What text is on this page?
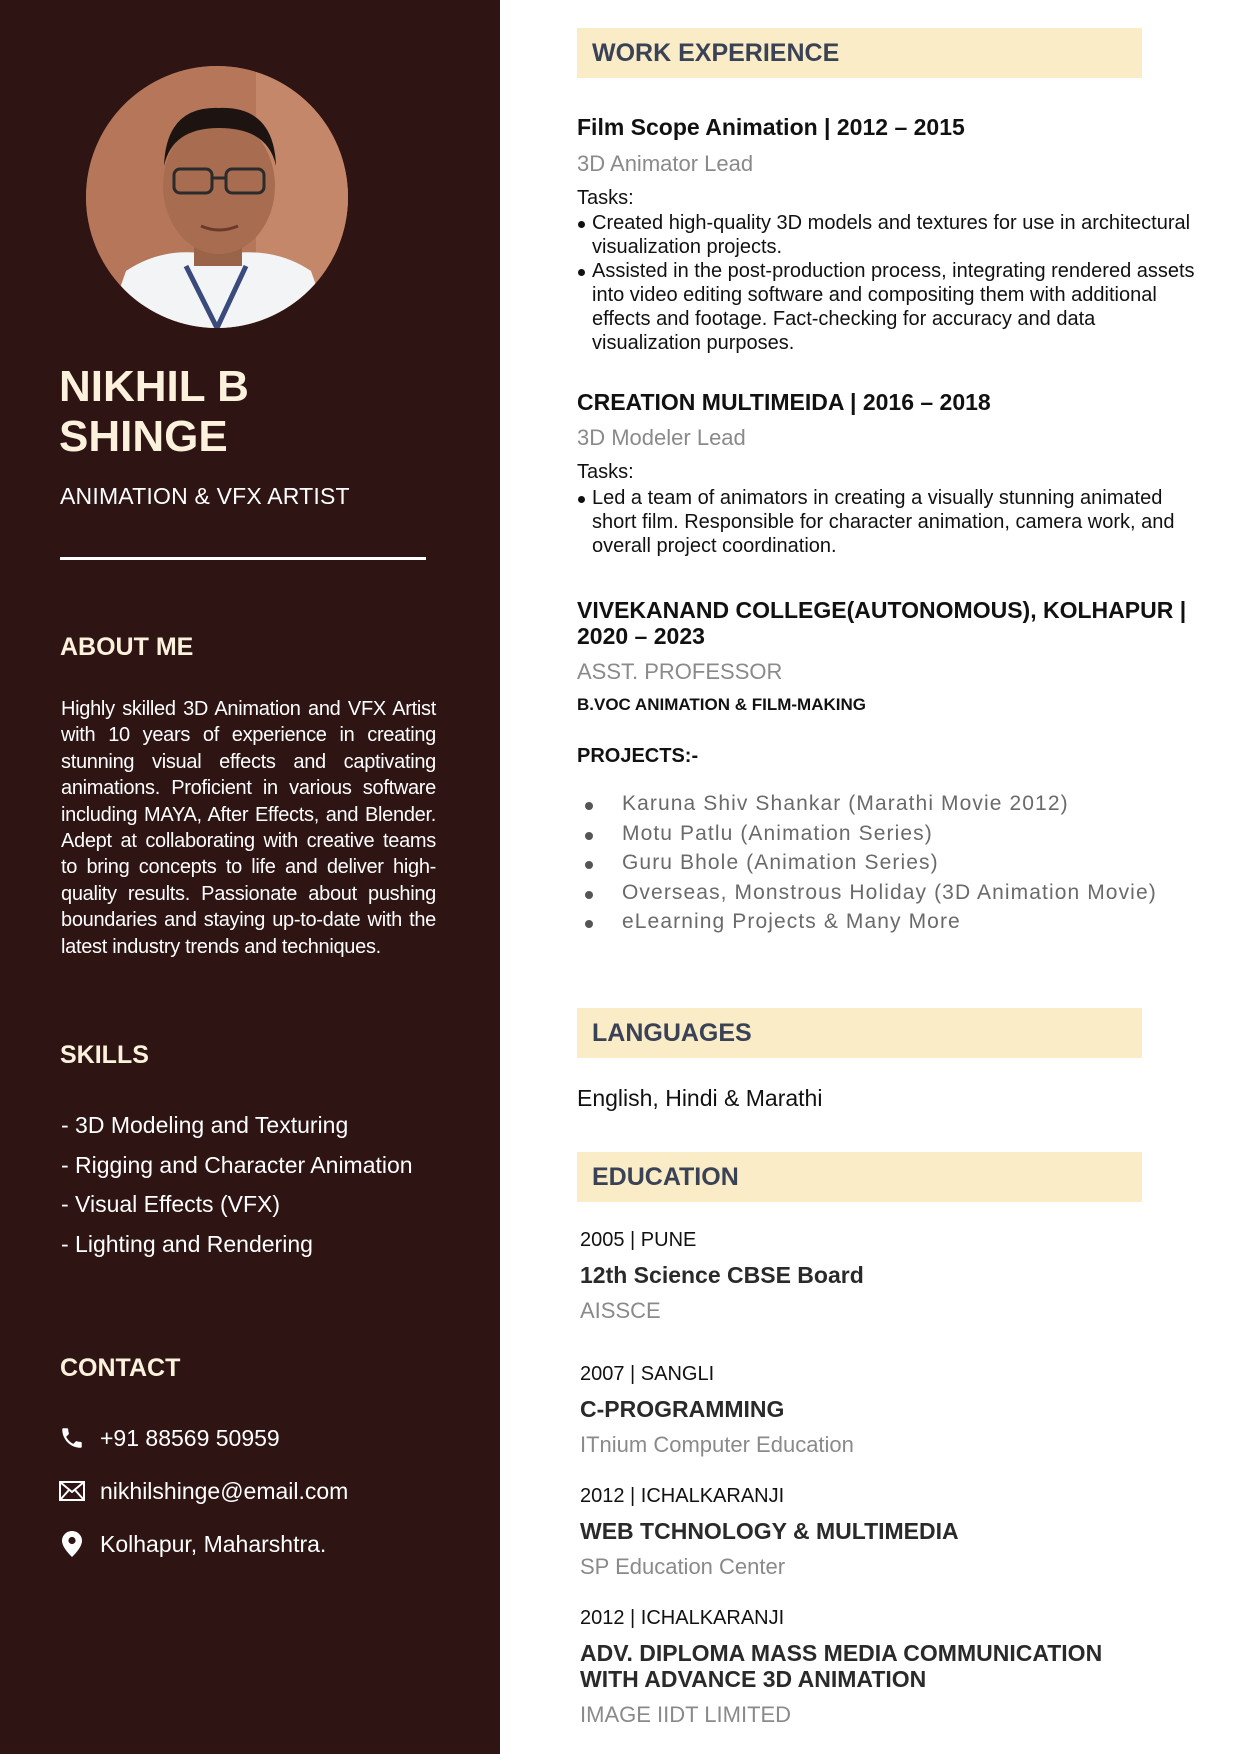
NIKHIL B
SHINGE
ANIMATION & VFX ARTIST
ABOUT ME
Highly skilled 3D Animation and VFX Artist with 10 years of experience in creating stunning visual effects and captivating animations. Proficient in various software including MAYA, After Effects, and Blender. Adept at collaborating with creative teams to bring concepts to life and deliver high-quality results. Passionate about pushing boundaries and staying up-to-date with the latest industry trends and techniques.
SKILLS
- 3D Modeling and Texturing
- Rigging and Character Animation
- Visual Effects (VFX)
- Lighting and Rendering
CONTACT
+91 88569 50959
nikhilshinge@email.com
Kolhapur, Maharshtra.
WORK EXPERIENCE
Film Scope Animation | 2012 – 2015
3D Animator Lead
Tasks:
Created high-quality 3D models and textures for use in architectural visualization projects.
Assisted in the post-production process, integrating rendered assets into video editing software and compositing them with additional effects and footage. Fact-checking for accuracy and data visualization purposes.
CREATION MULTIMEIDA | 2016 – 2018
3D Modeler Lead
Tasks:
Led a team of animators in creating a visually stunning animated short film. Responsible for character animation, camera work, and overall project coordination.
VIVEKANAND COLLEGE(AUTONOMOUS), KOLHAPUR |
2020 – 2023
ASST. PROFESSOR
B.VOC ANIMATION & FILM-MAKING
PROJECTS:-
Karuna Shiv Shankar (Marathi Movie 2012)
Motu Patlu (Animation Series)
Guru Bhole (Animation Series)
Overseas, Monstrous Holiday (3D Animation Movie)
eLearning Projects & Many More
LANGUAGES
English, Hindi & Marathi
EDUCATION
2005 | PUNE
12th Science CBSE Board
AISSCE
2007 | SANGLI
C-PROGRAMMING
ITnium Computer Education
2012 | ICHALKARANJI
WEB TCHNOLOGY & MULTIMEDIA
SP Education Center
2012 | ICHALKARANJI
ADV. DIPLOMA MASS MEDIA COMMUNICATION
WITH ADVANCE 3D ANIMATION
IMAGE IIDT LIMITED
